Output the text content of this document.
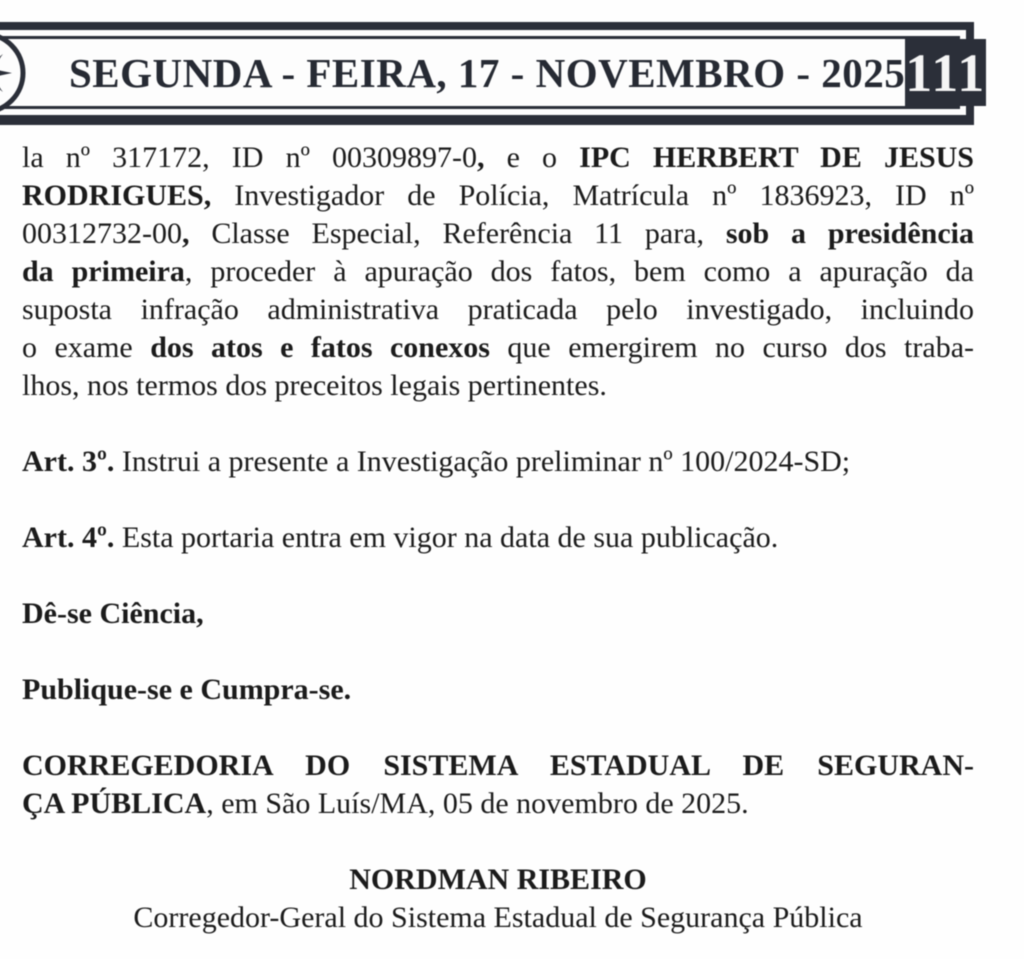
SEGUNDA - FEIRA, 17 - NOVEMBRO - 2025 111
la nº 317172, ID nº 00309897-0, e o IPC HERBERT DE JESUS
RODRIGUES, Investigador de Polícia, Matrícula nº 1836923, ID nº
00312732-00, Classe Especial, Referência 11 para, sob a presidência
da primeira, proceder à apuração dos fatos, bem como a apuração da
suposta infração administrativa praticada pelo investigado, incluindo
o exame dos atos e fatos conexos que emergirem no curso dos traba-
lhos, nos termos dos preceitos legais pertinentes.
Art. 3º. Instrui a presente a Investigação preliminar nº 100/2024-SD;
Art. 4º. Esta portaria entra em vigor na data de sua publicação.
Dê-se Ciência,
Publique-se e Cumpra-se.
CORREGEDORIA DO SISTEMA ESTADUAL DE SEGURAN-
ÇA PÚBLICA, em São Luís/MA, 05 de novembro de 2025.
NORDMAN RIBEIRO
Corregedor-Geral do Sistema Estadual de Segurança Pública
